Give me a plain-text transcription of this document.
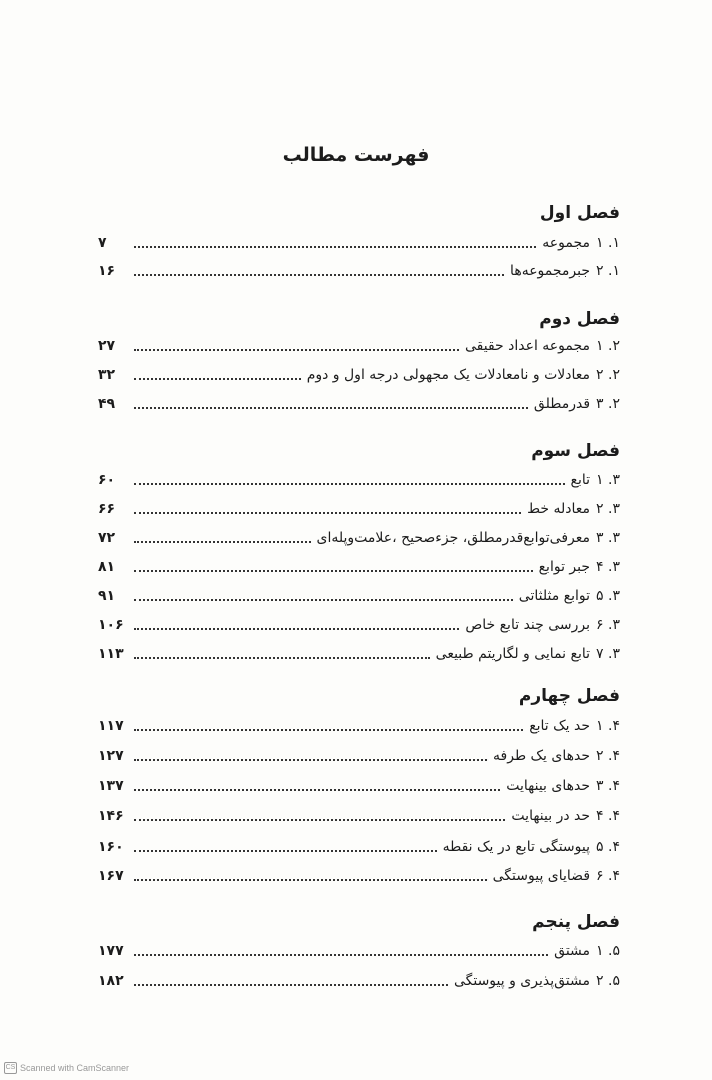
فهرست مطالب
فصل اول
۱. ۱
مجموعه
۷
۱. ۲
جبرمجموعه‌ها
۱۶
فصل دوم
۲. ۱
مجموعه اعداد حقیقی
۲۷
۲. ۲
معادلات و نامعادلات یک مجهولی درجه اول و دوم
۳۲
۲. ۳
قدرمطلق
۴۹
فصل سوم
۳. ۱
تابع
۶۰
۳. ۲
معادله خط
۶۶
۳. ۳
معرفی‌توابع‌قدرمطلق، جزءصحیح ،علامت‌وپله‌ای
۷۲
۳. ۴
جبر توابع
۸۱
۳. ۵
توابع مثلثاتی
۹۱
۳. ۶
بررسی چند تابع خاص
۱۰۶
۳. ۷
تابع نمایی و لگاریتم طبیعی
۱۱۳
فصل چهارم
۴. ۱
حد یک تابع
۱۱۷
۴. ۲
حدهای یک طرفه
۱۲۷
۴. ۳
حدهای بینهایت
۱۳۷
۴. ۴
حد در بینهایت
۱۴۶
۴. ۵
پیوستگی تابع در یک نقطه
۱۶۰
۴. ۶
قضایای پیوستگی
۱۶۷
فصل پنجم
۵. ۱
مشتق
۱۷۷
۵. ۲
مشتق‌پذیری و پیوستگی
۱۸۲
CS Scanned with CamScanner
